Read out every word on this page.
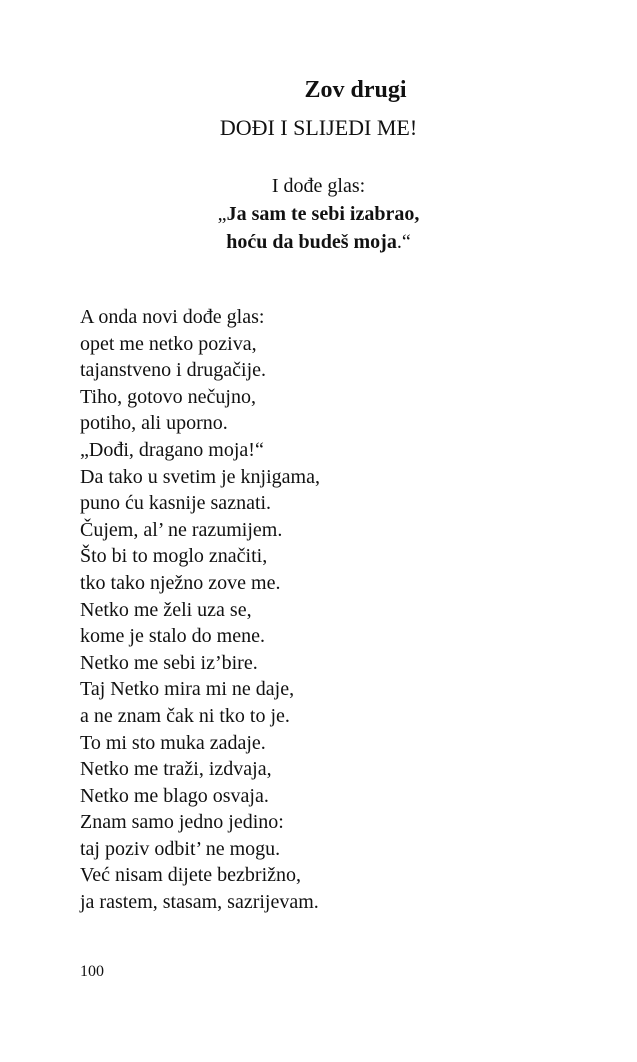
Zov drugi
DOĐI I SLIJEDI ME!
I dođe glas:
„Ja sam te sebi izabrao,
hoću da budeš moja.“
A onda novi dođe glas:
opet me netko poziva,
tajanstveno i drugačije.
Tiho, gotovo nečujno,
potiho, ali uporno.
„Dođi, dragano moja!“
Da tako u svetim je knjigama,
puno ću kasnije saznati.
Čujem, al’ ne razumijem.
Što bi to moglo značiti,
tko tako nježno zove me.
Netko me želi uza se,
kome je stalo do mene.
Netko me sebi iz’bire.
Taj Netko mira mi ne daje,
a ne znam čak ni tko to je.
To mi sto muka zadaje.
Netko me traži, izdvaja,
Netko me blago osvaja.
Znam samo jedno jedino:
taj poziv odbit’ ne mogu.
Već nisam dijete bezbrižno,
ja rastem, stasam, sazrijevam.
100
